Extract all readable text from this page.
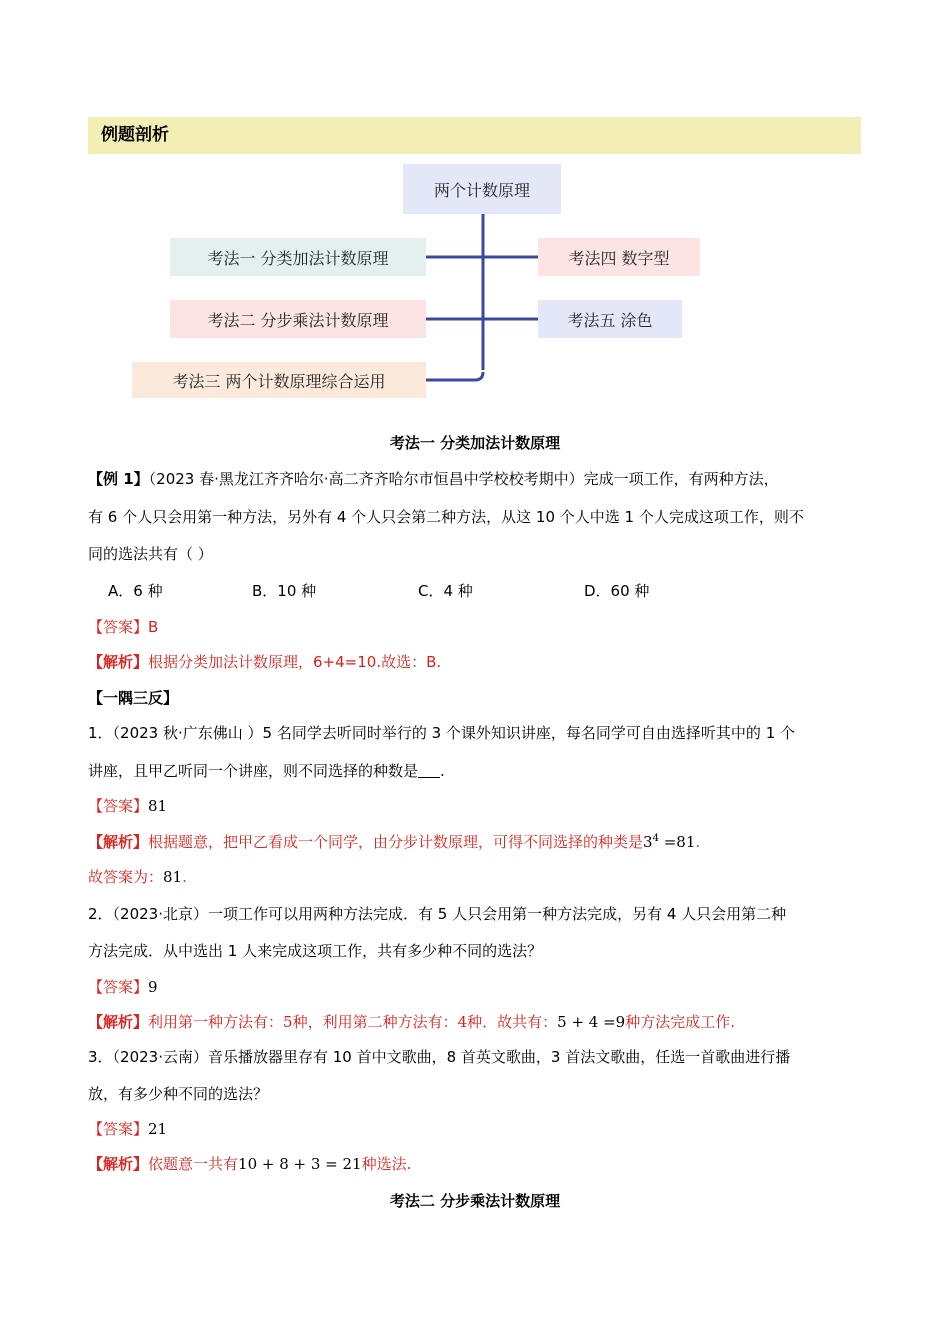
例题剖析
两个计数原理
考法一 分类加法计数原理
考法二 分步乘法计数原理
考法三 两个计数原理综合运用
考法四 数字型
考法五 涂色
考法一 分类加法计数原理
【例 1】（2023 春·黑龙江齐齐哈尔·高二齐齐哈尔市恒昌中学校校考期中）完成一项工作，有两种方法，
有 6 个人只会用第一种方法，另外有 4 个人只会第二种方法，从这 10 个人中选 1 个人完成这项工作，则不
同的选法共有（ ）
A．6 种	B．10 种	C．4 种	D．60 种
【答案】B
【解析】根据分类加法计数原理，6+4=10.故选：B.
【一隅三反】
1．（2023 秋·广东佛山 ）5 名同学去听同时举行的 3 个课外知识讲座，每名同学可自由选择听其中的 1 个
讲座，且甲乙听同一个讲座，则不同选择的种数是 .
【答案】81
【解析】根据题意，把甲乙看成一个同学，由分步计数原理，可得不同选择的种类是$3^4 =81$.
故答案为：81.
2．（2023·北京）一项工作可以用两种方法完成．有 5 人只会用第一种方法完成，另有 4 人只会用第二种
方法完成．从中选出 1 人来完成这项工作，共有多少种不同的选法？
【答案】9
【解析】利用第一种方法有：5种，利用第二种方法有：4种．故共有：5 + 4 =9种方法完成工作.
3．（2023·云南）音乐播放器里存有 10 首中文歌曲，8 首英文歌曲，3 首法文歌曲，任选一首歌曲进行播
放，有多少种不同的选法？
【答案】21
【解析】依题意一共有10 + 8 + 3 = 21种选法.
考法二 分步乘法计数原理
